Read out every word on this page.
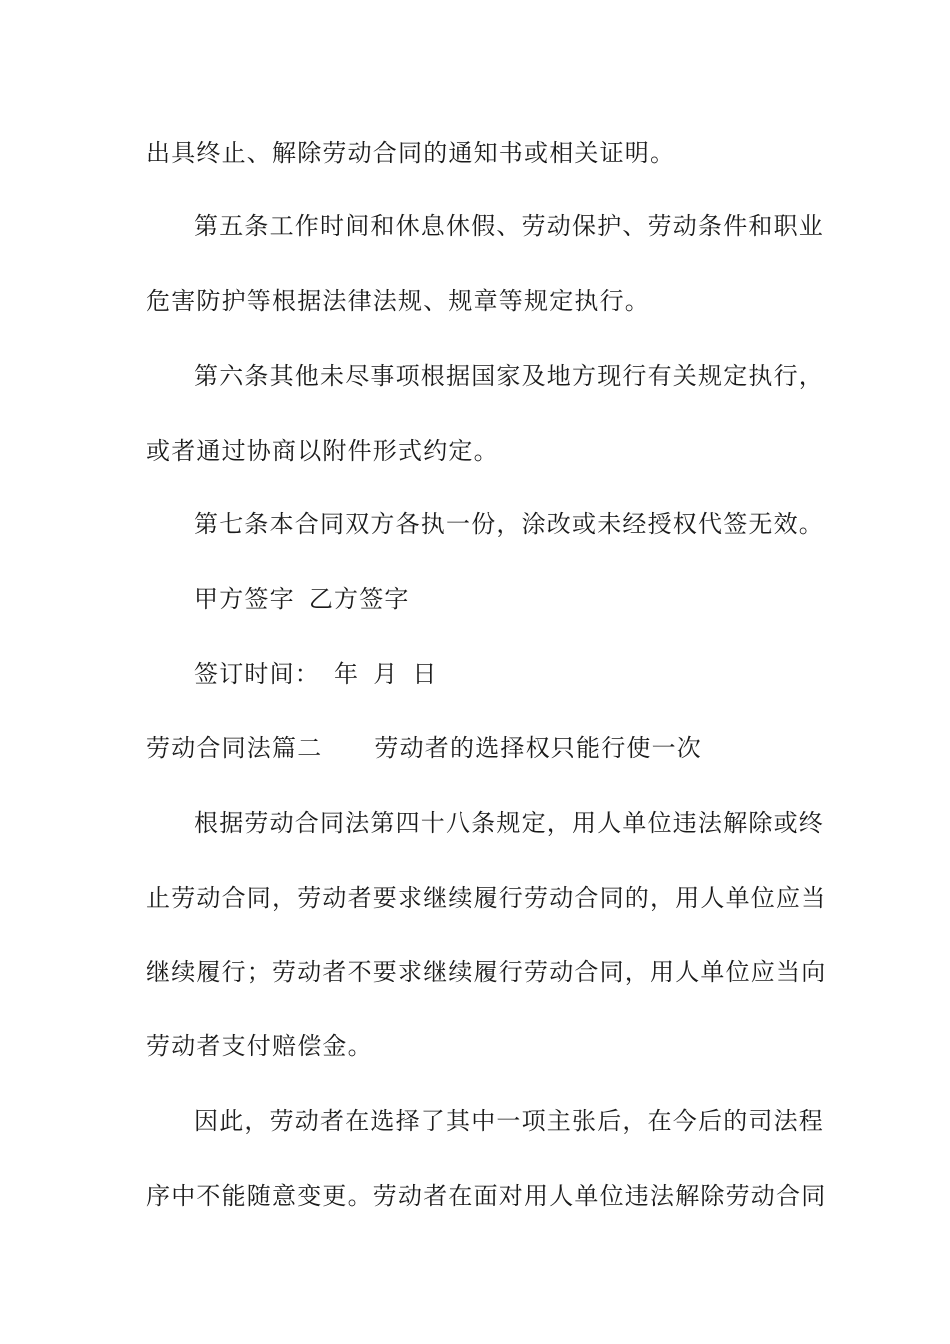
出具终止、解除劳动合同的通知书或相关证明。
第五条工作时间和休息休假、劳动保护、劳动条件和职业
危害防护等根据法律法规、规章等规定执行。
第六条其他未尽事项根据国家及地方现行有关规定执行，
或者通过协商以附件形式约定。
第七条本合同双方各执一份，涂改或未经授权代签无效。
甲方签字 乙方签字
签订时间： 年 月 日
劳动合同法篇二 劳动者的选择权只能行使一次
根据劳动合同法第四十八条规定，用人单位违法解除或终
止劳动合同，劳动者要求继续履行劳动合同的，用人单位应当
继续履行；劳动者不要求继续履行劳动合同，用人单位应当向
劳动者支付赔偿金。
因此，劳动者在选择了其中一项主张后，在今后的司法程
序中不能随意变更。劳动者在面对用人单位违法解除劳动合同
